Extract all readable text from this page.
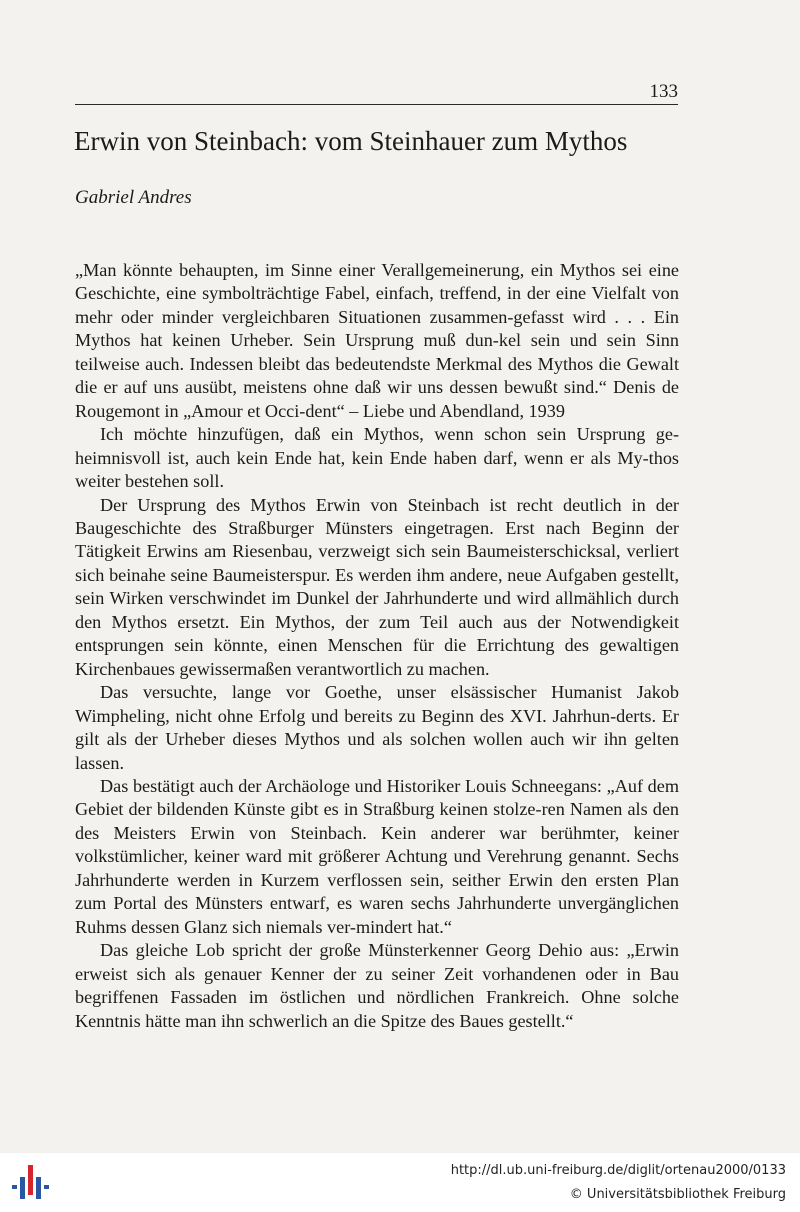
133
Erwin von Steinbach: vom Steinhauer zum Mythos
Gabriel Andres

„Man könnte behaupten, im Sinne einer Verallgemeinerung, ein Mythos sei eine Geschichte, eine symbolträchtige Fabel, einfach, treffend, in der eine Vielfalt von mehr oder minder vergleichbaren Situationen zusammen-gefasst wird . . . Ein Mythos hat keinen Urheber. Sein Ursprung muß dun-kel sein und sein Sinn teilweise auch. Indessen bleibt das bedeutendste Merkmal des Mythos die Gewalt die er auf uns ausübt, meistens ohne daß wir uns dessen bewußt sind.“ Denis de Rougemont in „Amour et Occi-dent“ – Liebe und Abendland, 1939

Ich möchte hinzufügen, daß ein Mythos, wenn schon sein Ursprung ge-heimnisvoll ist, auch kein Ende hat, kein Ende haben darf, wenn er als My-thos weiter bestehen soll.

Der Ursprung des Mythos Erwin von Steinbach ist recht deutlich in der Baugeschichte des Straßburger Münsters eingetragen. Erst nach Beginn der Tätigkeit Erwins am Riesenbau, verzweigt sich sein Baumeisterschicksal, verliert sich beinahe seine Baumeisterspur. Es werden ihm andere, neue Aufgaben gestellt, sein Wirken verschwindet im Dunkel der Jahrhunderte und wird allmählich durch den Mythos ersetzt. Ein Mythos, der zum Teil auch aus der Notwendigkeit entsprungen sein könnte, einen Menschen für die Errichtung des gewaltigen Kirchenbaues gewissermaßen verantwortlich zu machen.

Das versuchte, lange vor Goethe, unser elsässischer Humanist Jakob Wimpheling, nicht ohne Erfolg und bereits zu Beginn des XVI. Jahrhun-derts. Er gilt als der Urheber dieses Mythos und als solchen wollen auch wir ihn gelten lassen.

Das bestätigt auch der Archäologe und Historiker Louis Schneegans: „Auf dem Gebiet der bildenden Künste gibt es in Straßburg keinen stolze-ren Namen als den des Meisters Erwin von Steinbach. Kein anderer war berühmter, keiner volkstümlicher, keiner ward mit größerer Achtung und Verehrung genannt. Sechs Jahrhunderte werden in Kurzem verflossen sein, seither Erwin den ersten Plan zum Portal des Münsters entwarf, es waren sechs Jahrhunderte unvergänglichen Ruhms dessen Glanz sich niemals ver-mindert hat.“

Das gleiche Lob spricht der große Münsterkenner Georg Dehio aus: „Erwin erweist sich als genauer Kenner der zu seiner Zeit vorhandenen oder in Bau begriffenen Fassaden im östlichen und nördlichen Frankreich. Ohne solche Kenntnis hätte man ihn schwerlich an die Spitze des Baues gestellt.“

http://dl.ub.uni-freiburg.de/diglit/ortenau2000/0133
© Universitätsbibliothek Freiburg
